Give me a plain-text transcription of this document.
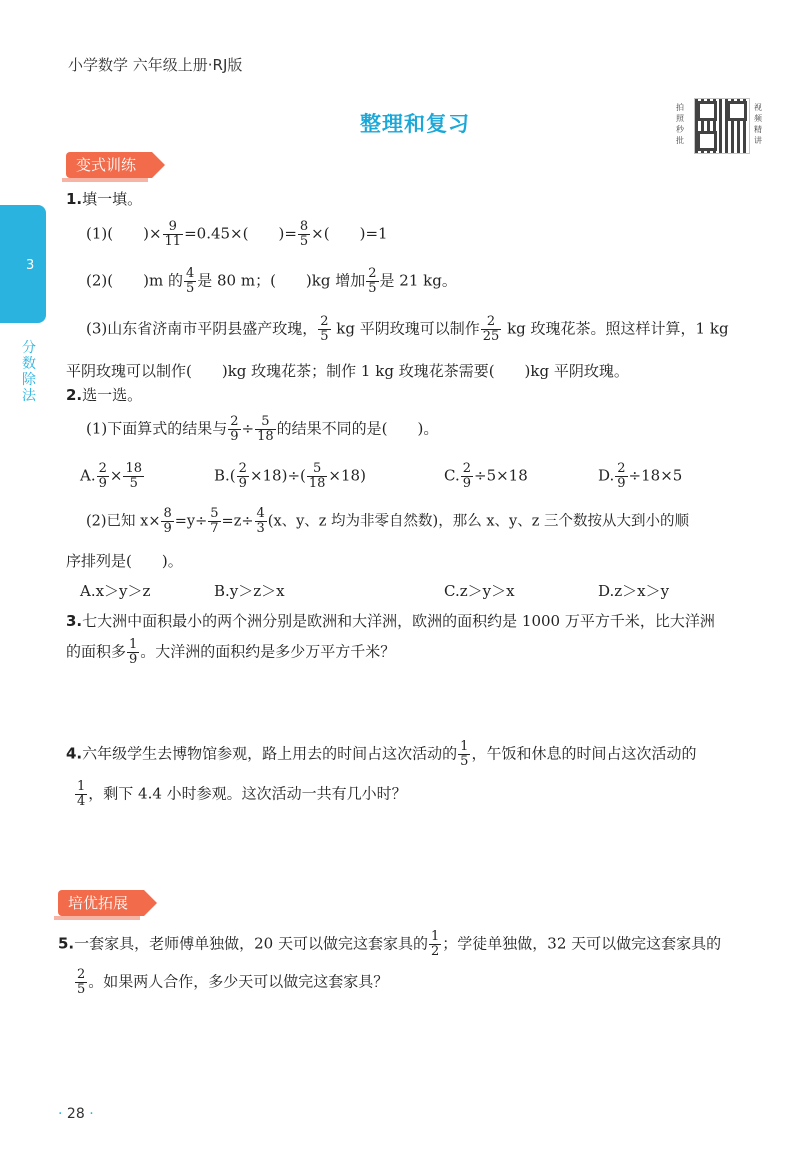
小学数学 六年级上册·RJ版
整理和复习
拍照秒批
视频精讲
3
分数除法
变式训练
1.填一填。
(1)(　　)× $\frac{9}{11} =0.45\times$(　　)= $\frac{8}{5}$ ×(　　)=1
(2)(　　)m 的 $\frac{4}{5}$ 是 80 m；(　　)kg 增加 $\frac{2}{5}$ 是 21 kg。
(3)山东省济南市平阴县盛产玫瑰， $\frac{2}{5}$ kg 平阴玫瑰可以制作 $\frac{2}{25}$ kg 玫瑰花茶。照这样计算，1 kg
平阴玫瑰可以制作(　　)kg 玫瑰花茶；制作 1 kg 玫瑰花茶需要(　　)kg 平阴玫瑰。
2.选一选。
(1)下面算式的结果与 $\frac{2}{9} \div \frac{5}{18}$ 的结果不同的是(　　)。
A. $\frac{2}{9} \times \frac{18}{5}$	$B.( \frac{2}{9} \times 18)\div( \frac{5}{18} \times 18)$	C. $\frac{2}{9} \div 5\times 18$	D. $\frac{2}{9} \div 18\times 5$
(2)已知 $x\times \frac{8}{9} =y\div \frac{5}{7} =z\div \frac{4}{3} (x$、y、z 均为非零自然数)，那么 x、y、z 三个数按从大到小的顺
序排列是(　　)。
A.x＞y＞z	B.y＞z＞x	C.z＞y＞x	D.z＞x＞y
3.七大洲中面积最小的两个洲分别是欧洲和大洋洲，欧洲的面积约是 1000 万平方千米，比大洋洲
的面积多 $\frac{1}{9}$ 。大洋洲的面积约是多少万平方千米？
4.六年级学生去博物馆参观，路上用去的时间占这次活动的 $\frac{1}{5}$ ，午饭和休息的时间占这次活动的
$\frac{1}{4}$ ，剩下 4.4 小时参观。这次活动一共有几小时？
培优拓展
5.一套家具，老师傅单独做，20 天可以做完这套家具的 $\frac{1}{2}$ ；学徒单独做，32 天可以做完这套家具的
$\frac{2}{5}$ 。如果两人合作，多少天可以做完这套家具？
· 28 ·
